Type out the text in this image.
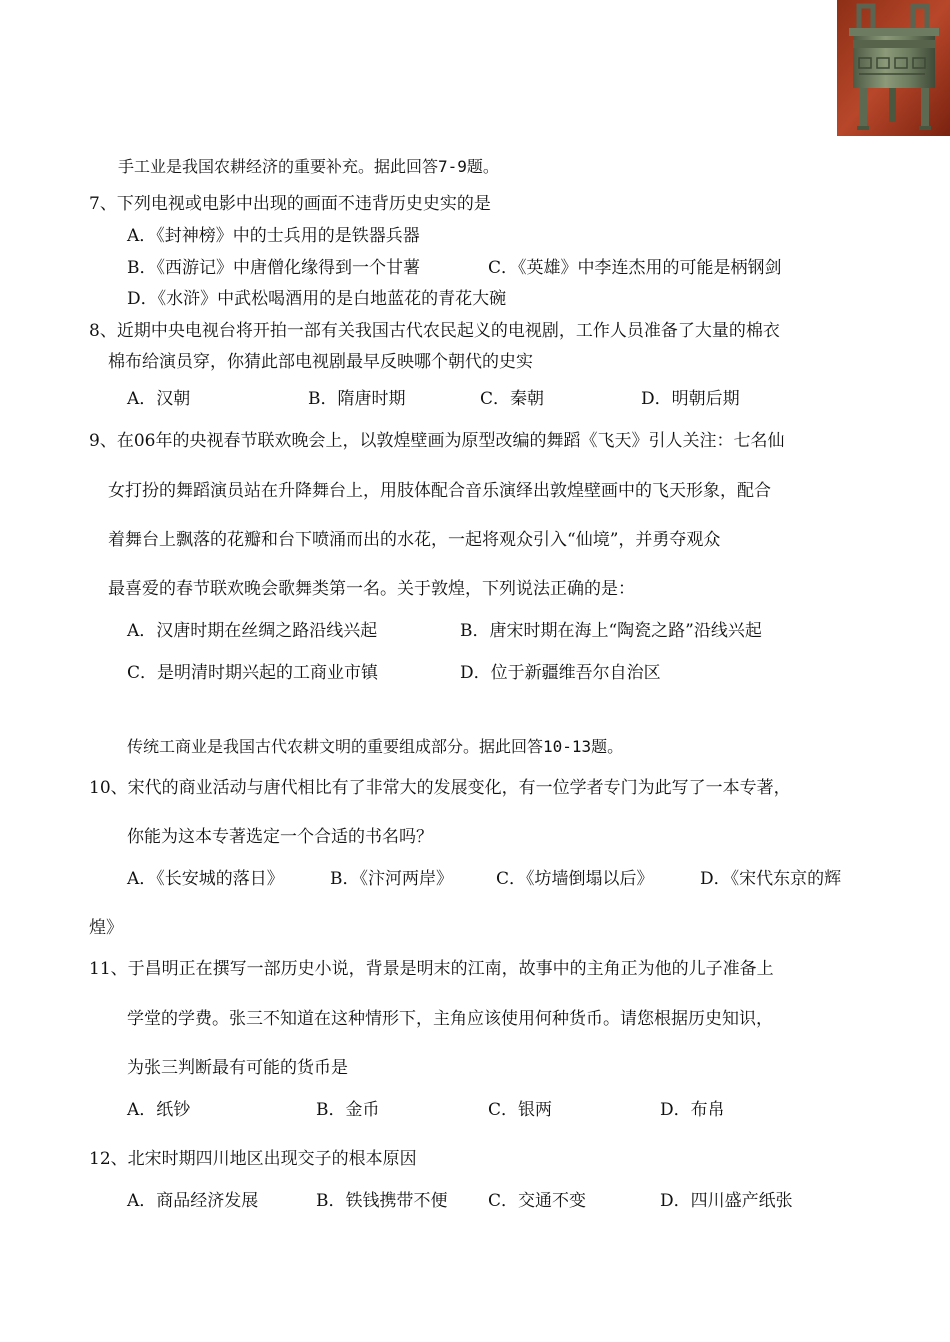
手工业是我国农耕经济的重要补充。据此回答7-9题。
7、下列电视或电影中出现的画面不违背历史史实的是
A．《封神榜》中的士兵用的是铁器兵器
B．《西游记》中唐僧化缘得到一个甘薯	C．《英雄》中李连杰用的可能是柄钢剑
D．《水浒》中武松喝酒用的是白地蓝花的青花大碗
8、近期中央电视台将开拍一部有关我国古代农民起义的电视剧，工作人员准备了大量的棉衣
棉布给演员穿，你猜此部电视剧最早反映哪个朝代的史实
A．汉朝	B．隋唐时期	C．秦朝	D．明朝后期
9、在06年的央视春节联欢晚会上，以敦煌壁画为原型改编的舞蹈《飞天》引人关注：七名仙
女打扮的舞蹈演员站在升降舞台上，用肢体配合音乐演绎出敦煌壁画中的飞天形象，配合
着舞台上飘落的花瓣和台下喷涌而出的水花，一起将观众引入“仙境”，并勇夺观众
最喜爱的春节联欢晚会歌舞类第一名。关于敦煌，下列说法正确的是：
A．汉唐时期在丝绸之路沿线兴起	B．唐宋时期在海上“陶瓷之路”沿线兴起
C．是明清时期兴起的工商业市镇	D．位于新疆维吾尔自治区
传统工商业是我国古代农耕文明的重要组成部分。据此回答10-13题。
10、宋代的商业活动与唐代相比有了非常大的发展变化，有一位学者专门为此写了一本专著，
你能为这本专著选定一个合适的书名吗？
A．《长安城的落日》	B．《汴河两岸》	C．《坊墙倒塌以后》	D．《宋代东京的辉
煌》
11、于昌明正在撰写一部历史小说，背景是明末的江南，故事中的主角正为他的儿子准备上
学堂的学费。张三不知道在这种情形下，主角应该使用何种货币。请您根据历史知识，
为张三判断最有可能的货币是
A．纸钞	B．金币	C．银两	D．布帛
12、北宋时期四川地区出现交子的根本原因
A．商品经济发展	B．铁钱携带不便 C．交通不变	D．四川盛产纸张
